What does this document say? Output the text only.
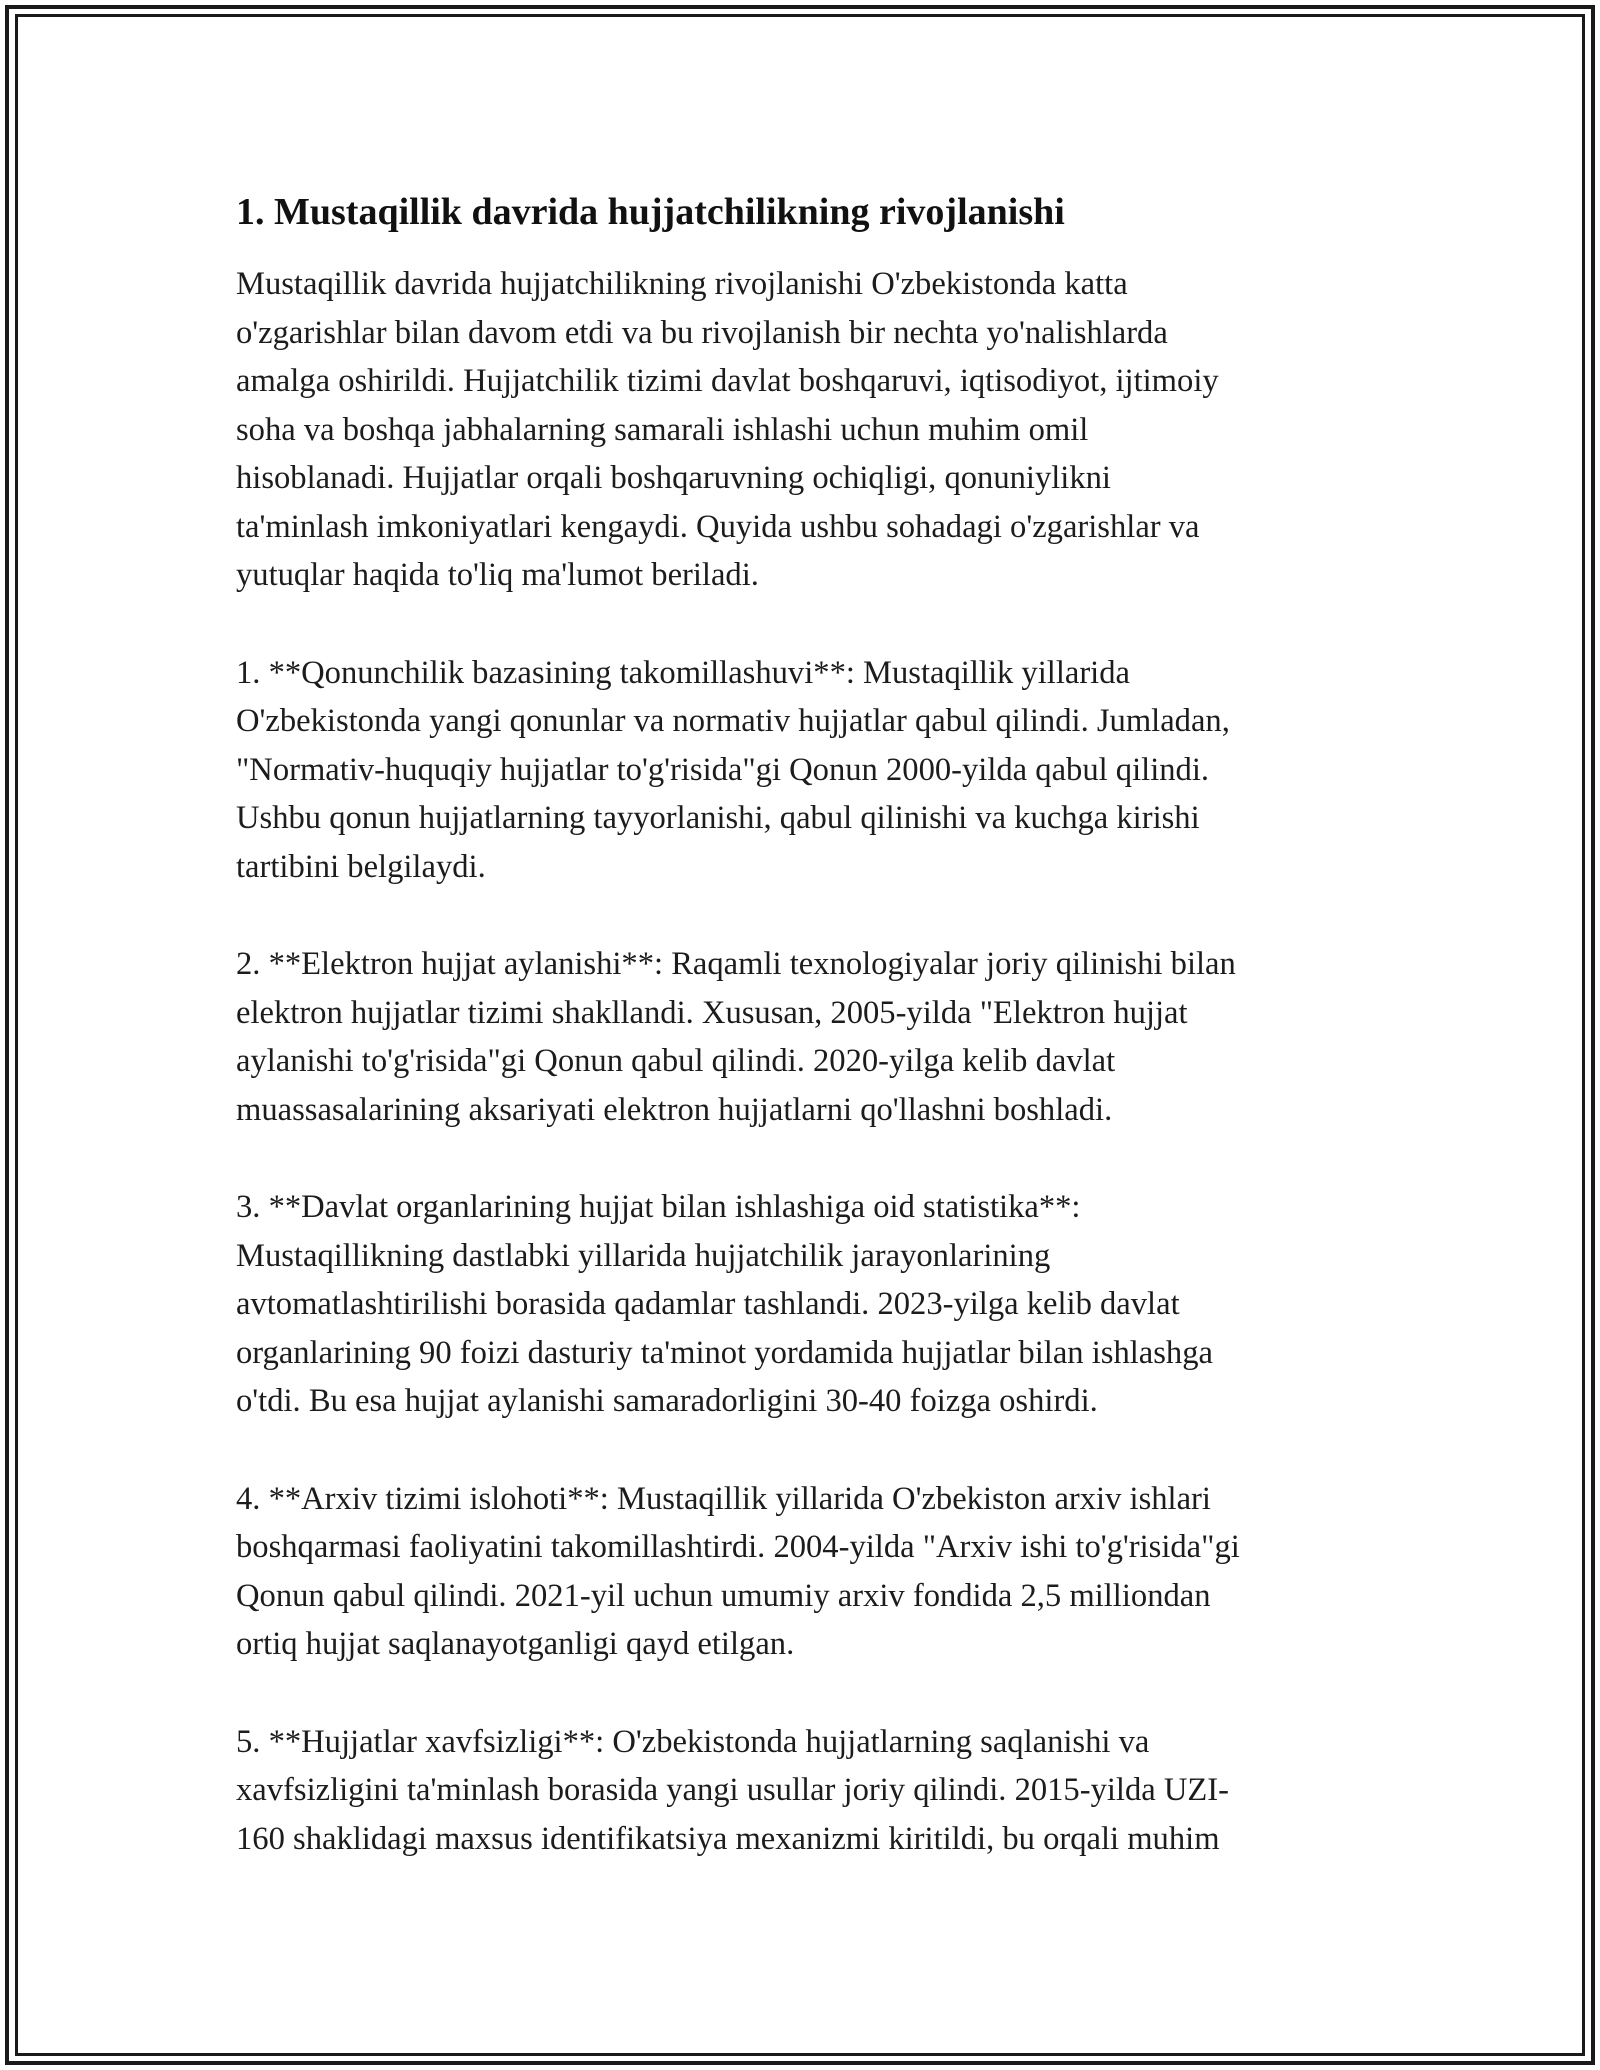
1. Mustaqillik davrida hujjatchilikning rivojlanishi

Mustaqillik davrida hujjatchilikning rivojlanishi O'zbekistonda katta
o'zgarishlar bilan davom etdi va bu rivojlanish bir nechta yo'nalishlarda
amalga oshirildi. Hujjatchilik tizimi davlat boshqaruvi, iqtisodiyot, ijtimoiy
soha va boshqa jabhalarning samarali ishlashi uchun muhim omil
hisoblanadi. Hujjatlar orqali boshqaruvning ochiqligi, qonuniylikni
ta'minlash imkoniyatlari kengaydi. Quyida ushbu sohadagi o'zgarishlar va
yutuqlar haqida to'liq ma'lumot beriladi.

1. **Qonunchilik bazasining takomillashuvi**: Mustaqillik yillarida
O'zbekistonda yangi qonunlar va normativ hujjatlar qabul qilindi. Jumladan,
"Normativ-huquqiy hujjatlar to'g'risida"gi Qonun 2000-yilda qabul qilindi.
Ushbu qonun hujjatlarning tayyorlanishi, qabul qilinishi va kuchga kirishi
tartibini belgilaydi.

2. **Elektron hujjat aylanishi**: Raqamli texnologiyalar joriy qilinishi bilan
elektron hujjatlar tizimi shakllandi. Xususan, 2005-yilda "Elektron hujjat
aylanishi to'g'risida"gi Qonun qabul qilindi. 2020-yilga kelib davlat
muassasalarining aksariyati elektron hujjatlarni qo'llashni boshladi.

3. **Davlat organlarining hujjat bilan ishlashiga oid statistika**:
Mustaqillikning dastlabki yillarida hujjatchilik jarayonlarining
avtomatlashtirilishi borasida qadamlar tashlandi. 2023-yilga kelib davlat
organlarining 90 foizi dasturiy ta'minot yordamida hujjatlar bilan ishlashga
o'tdi. Bu esa hujjat aylanishi samaradorligini 30-40 foizga oshirdi.

4. **Arxiv tizimi islohoti**: Mustaqillik yillarida O'zbekiston arxiv ishlari
boshqarmasi faoliyatini takomillashtirdi. 2004-yilda "Arxiv ishi to'g'risida"gi
Qonun qabul qilindi. 2021-yil uchun umumiy arxiv fondida 2,5 milliondan
ortiq hujjat saqlanayotganligi qayd etilgan.

5. **Hujjatlar xavfsizligi**: O'zbekistonda hujjatlarning saqlanishi va
xavfsizligini ta'minlash borasida yangi usullar joriy qilindi. 2015-yilda UZI-
160 shaklidagi maxsus identifikatsiya mexanizmi kiritildi, bu orqali muhim
